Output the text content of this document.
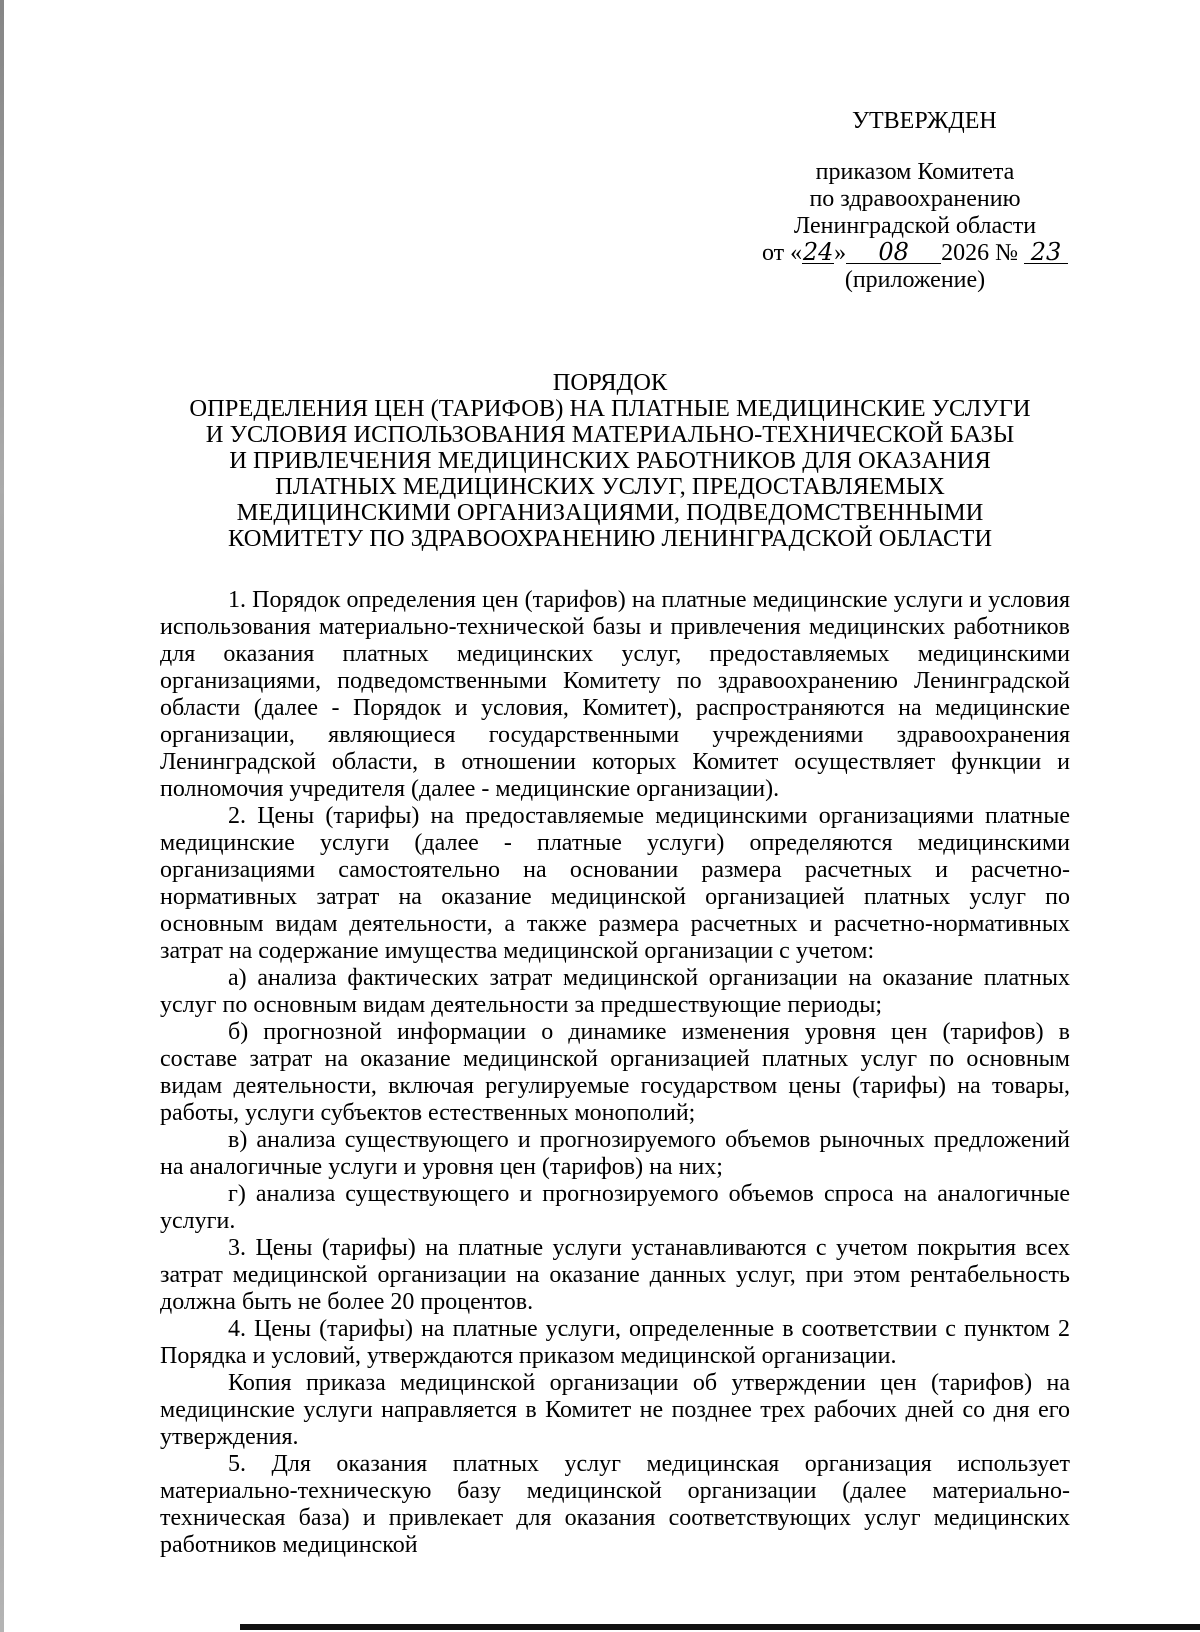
УТВЕРЖДЕН
приказом Комитета
по здравоохранению
Ленинградской области
от «24» 08 2026 № 23
(приложение)
ПОРЯДОК
ОПРЕДЕЛЕНИЯ ЦЕН (ТАРИФОВ) НА ПЛАТНЫЕ МЕДИЦИНСКИЕ УСЛУГИ
И УСЛОВИЯ ИСПОЛЬЗОВАНИЯ МАТЕРИАЛЬНО-ТЕХНИЧЕСКОЙ БАЗЫ
И ПРИВЛЕЧЕНИЯ МЕДИЦИНСКИХ РАБОТНИКОВ ДЛЯ ОКАЗАНИЯ
ПЛАТНЫХ МЕДИЦИНСКИХ УСЛУГ, ПРЕДОСТАВЛЯЕМЫХ
МЕДИЦИНСКИМИ ОРГАНИЗАЦИЯМИ, ПОДВЕДОМСТВЕННЫМИ
КОМИТЕТУ ПО ЗДРАВООХРАНЕНИЮ ЛЕНИНГРАДСКОЙ ОБЛАСТИ

1. Порядок определения цен (тарифов) на платные медицинские услуги и условия использования материально-технической базы и привлечения медицинских работников для оказания платных медицинских услуг, предоставляемых медицинскими организациями, подведомственными Комитету по здравоохранению Ленинградской области (далее - Порядок и условия, Комитет), распространяются на медицинские организации, являющиеся государственными учреждениями здравоохранения Ленинградской области, в отношении которых Комитет осуществляет функции и полномочия учредителя (далее - медицинские организации).

2. Цены (тарифы) на предоставляемые медицинскими организациями платные медицинские услуги (далее - платные услуги) определяются медицинскими организациями самостоятельно на основании размера расчетных и расчетно-нормативных затрат на оказание медицинской организацией платных услуг по основным видам деятельности, а также размера расчетных и расчетно-нормативных затрат на содержание имущества медицинской организации с учетом:

а) анализа фактических затрат медицинской организации на оказание платных услуг по основным видам деятельности за предшествующие периоды;

б) прогнозной информации о динамике изменения уровня цен (тарифов) в составе затрат на оказание медицинской организацией платных услуг по основным видам деятельности, включая регулируемые государством цены (тарифы) на товары, работы, услуги субъектов естественных монополий;

в) анализа существующего и прогнозируемого объемов рыночных предложений на аналогичные услуги и уровня цен (тарифов) на них;

г) анализа существующего и прогнозируемого объемов спроса на аналогичные услуги.

3. Цены (тарифы) на платные услуги устанавливаются с учетом покрытия всех затрат медицинской организации на оказание данных услуг, при этом рентабельность должна быть не более 20 процентов.

4. Цены (тарифы) на платные услуги, определенные в соответствии с пунктом 2 Порядка и условий, утверждаются приказом медицинской организации.

Копия приказа медицинской организации об утверждении цен (тарифов) на медицинские услуги направляется в Комитет не позднее трех рабочих дней со дня его утверждения.

5. Для оказания платных услуг медицинская организация использует материально-техническую базу медицинской организации (далее материально-техническая база) и привлекает для оказания соответствующих услуг медицинских работников медицинской
